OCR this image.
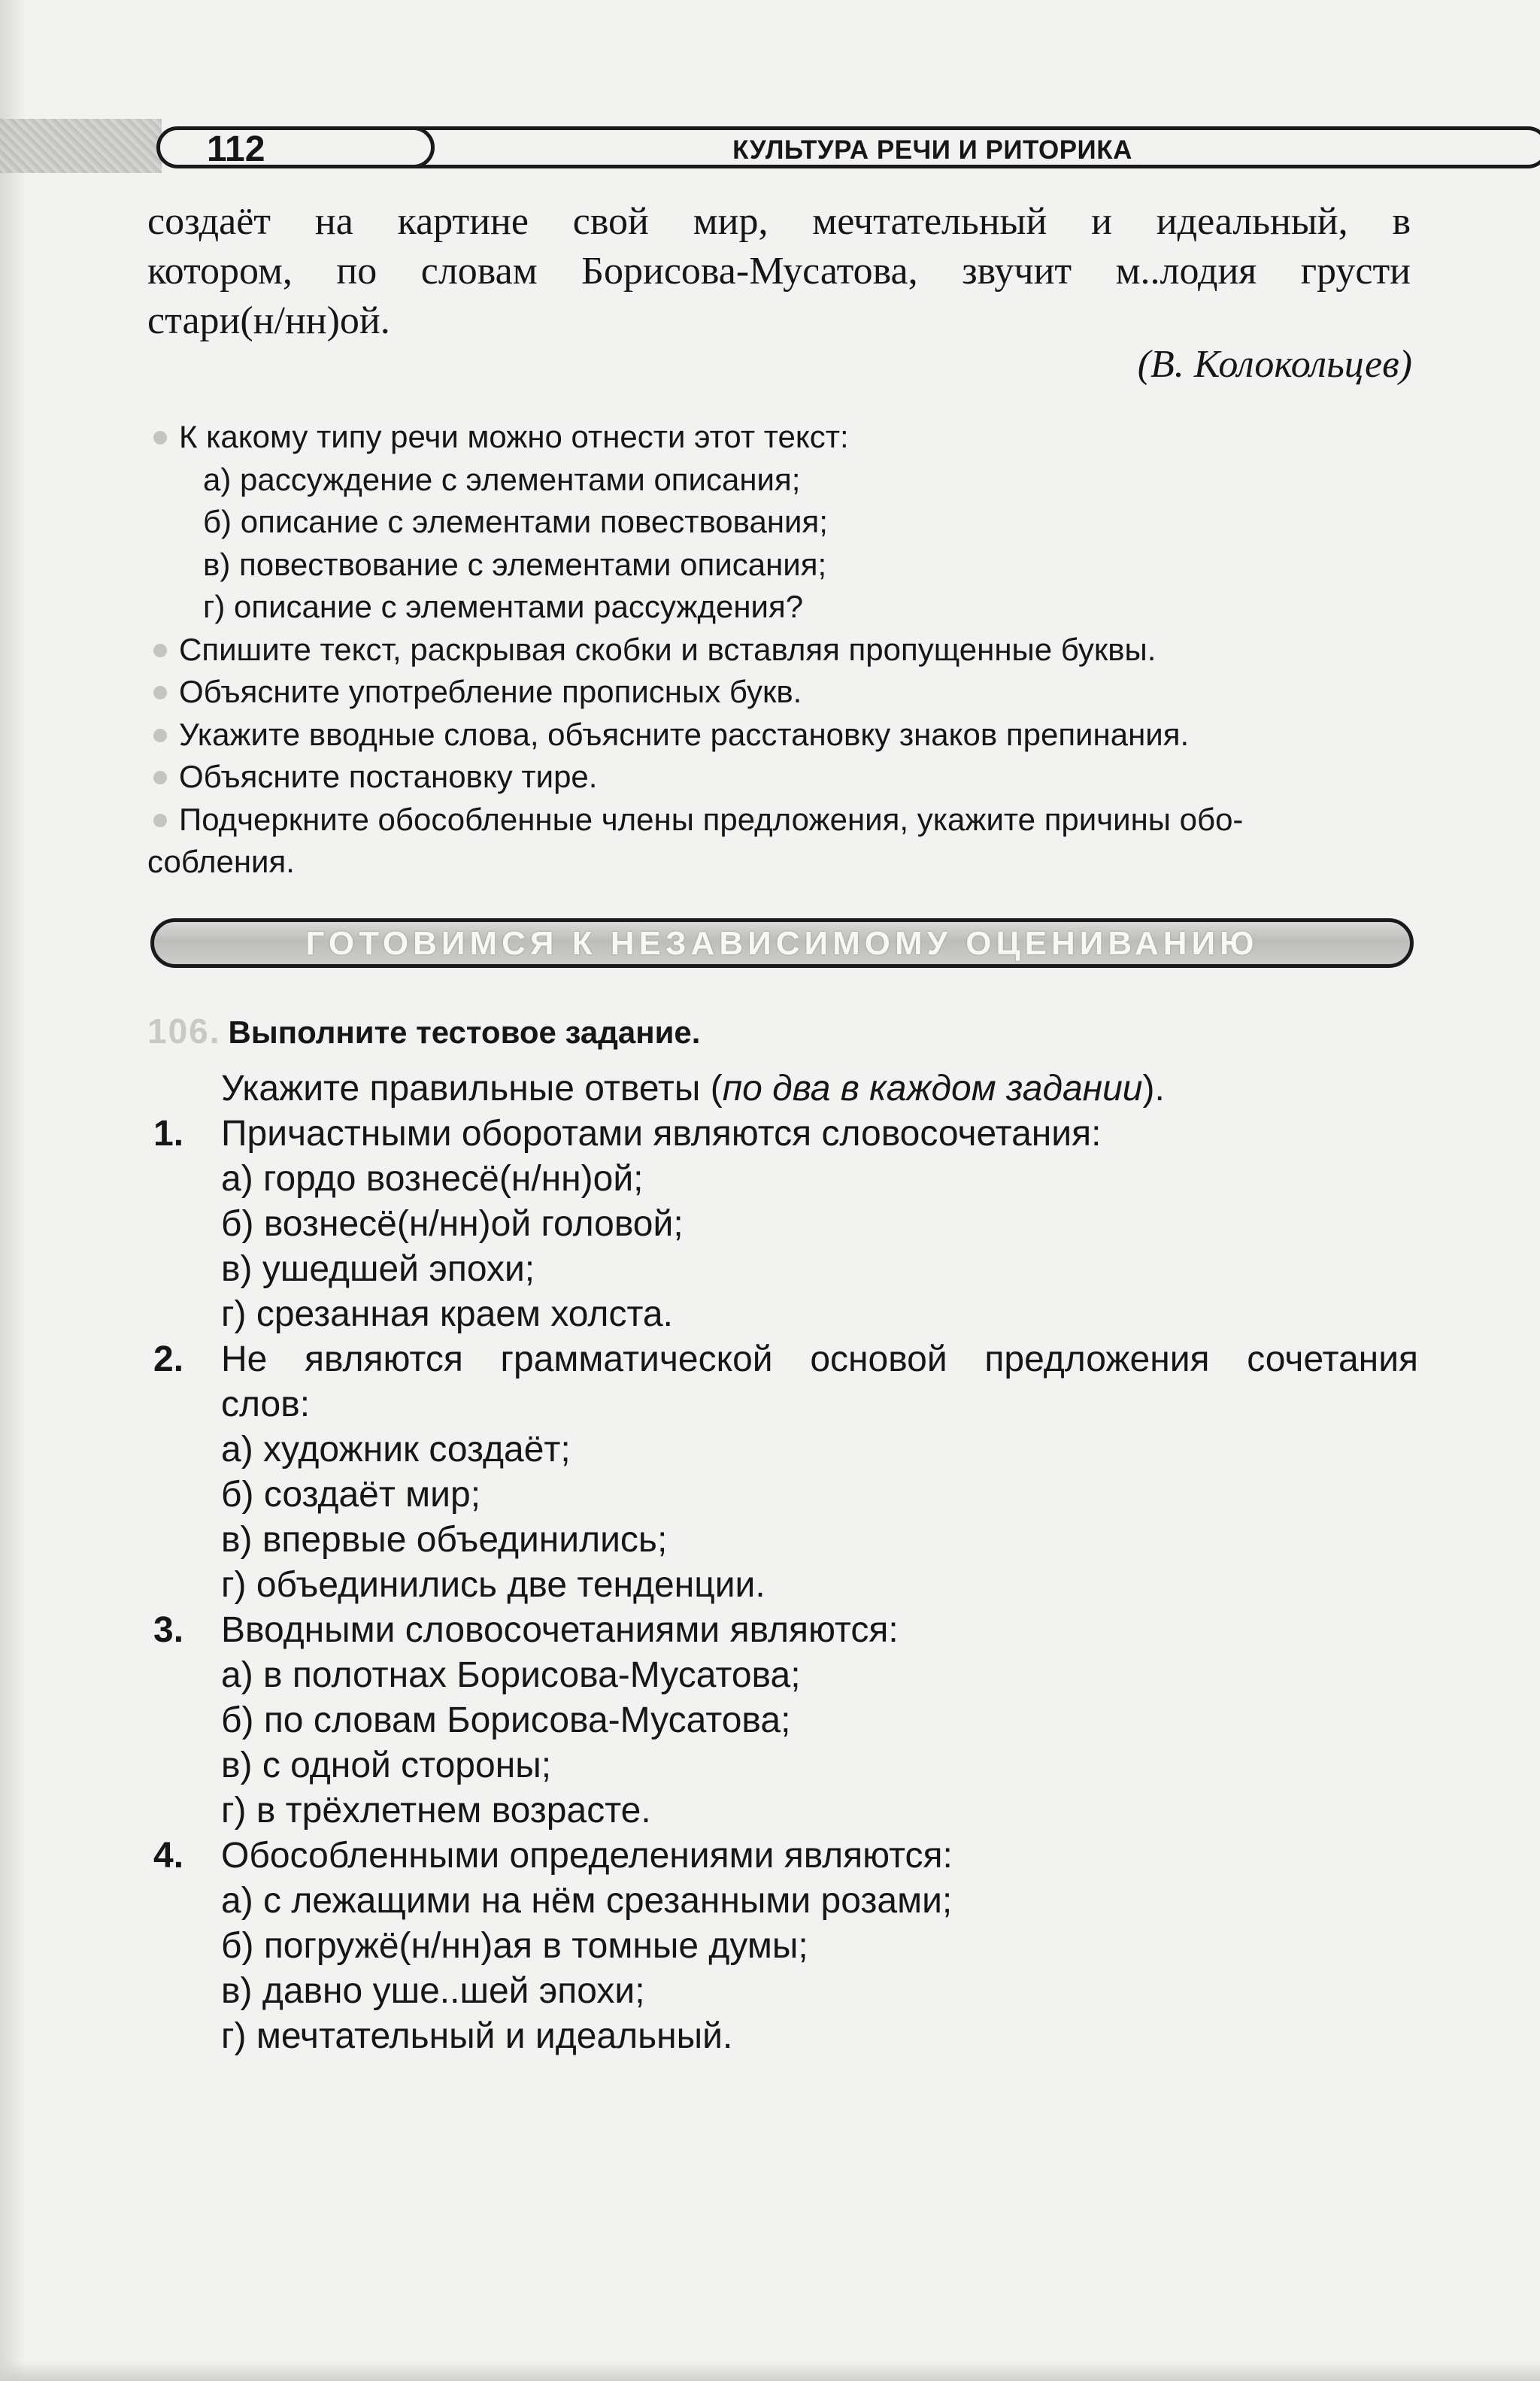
112	КУЛЬТУРА РЕЧИ И РИТОРИКА
создаёт на картине свой мир, мечтательный и идеальный, в
котором, по словам Борисова-Мусатова, звучит м..лодия грусти
стари(н/нн)ой.
(В. Колокольцев)
К какому типу речи можно отнести этот текст:
а) рассуждение с элементами описания;
б) описание с элементами повествования;
в) повествование с элементами описания;
г) описание с элементами рассуждения?
Спишите текст, раскрывая скобки и вставляя пропущенные буквы.
Объясните употребление прописных букв.
Укажите вводные слова, объясните расстановку знаков препинания.
Объясните постановку тире.
Подчеркните обособленные члены предложения, укажите причины обо-
собления.
ГОТОВИМСЯ К НЕЗАВИСИМОМУ ОЦЕНИВАНИЮ
106. Выполните тестовое задание.
Укажите правильные ответы ( по два в каждом задании ).
1.	Причастными оборотами являются словосочетания:
а) гордо вознесё(н/нн)ой;
б) вознесё(н/нн)ой головой;
в) ушедшей эпохи;
г) срезанная краем холста.
2.	Не являются грамматической основой предложения сочетания
слов:
а) художник создаёт;
б) создаёт мир;
в) впервые объединились;
г) объединились две тенденции.
3.	Вводными словосочетаниями являются:
а) в полотнах Борисова-Мусатова;
б) по словам Борисова-Мусатова;
в) с одной стороны;
г) в трёхлетнем возрасте.
4.	Обособленными определениями являются:
а) с лежащими на нём срезанными розами;
б) погружё(н/нн)ая в томные думы;
в) давно уше..шей эпохи;
г) мечтательный и идеальный.
